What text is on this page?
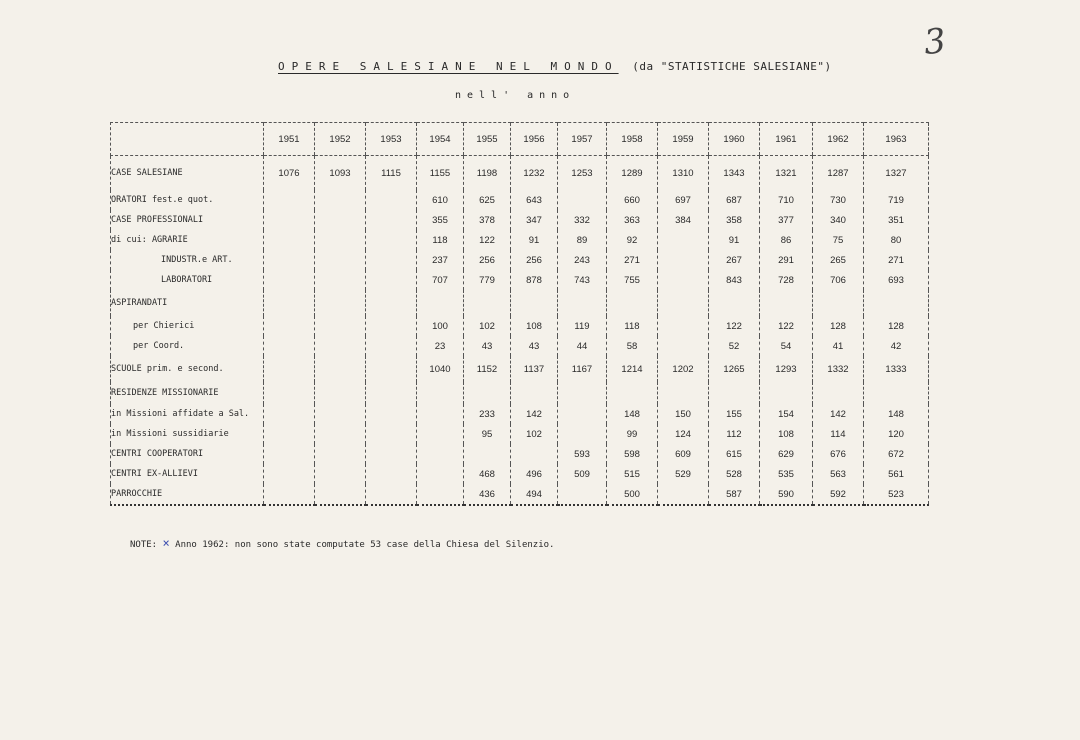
3
OPERE SALESIANE NEL MONDO (da "STATISTICHE SALESIANE")
nell' anno
	1951	1952	1953	1954	1955	1956	1957	1958	1959	1960	1961	1962	1963	
CASE SALESIANE	1076	1093	1115	1155	1198	1232	1253	1289	1310	1343	1321	1287	1327	
ORATORI fest.e quot.				610	625	643		660	697	687	710	730	719	
CASE PROFESSIONALI				355	378	347	332	363	384	358	377	340	351	
di cui: AGRARIE				118	122	91	89	92		91	86	75	80	
INDUSTR.e ART.				237	256	256	243	271		267	291	265	271	
LABORATORI				707	779	878	743	755		843	728	706	693	
ASPIRANDATI														
per Chierici				100	102	108	119	118		122	122	128	128	
per Coord.				23	43	43	44	58		52	54	41	42	
SCUOLE prim. e second.				1040	1152	1137	1167	1214	1202	1265	1293	1332	1333	
RESIDENZE MISSIONARIE														
in Missioni affidate a Sal.					233	142		148	150	155	154	142	148	
in Missioni sussidiarie					95	102		99	124	112	108	114	120	
CENTRI COOPERATORI							593	598	609	615	629	676	672	
CENTRI EX-ALLIEVI					468	496	509	515	529	528	535	563	561	
PARROCCHIE					436	494		500		587	590	592	523	
NOTE: × Anno 1962: non sono state computate 53 case della Chiesa del Silenzio.
